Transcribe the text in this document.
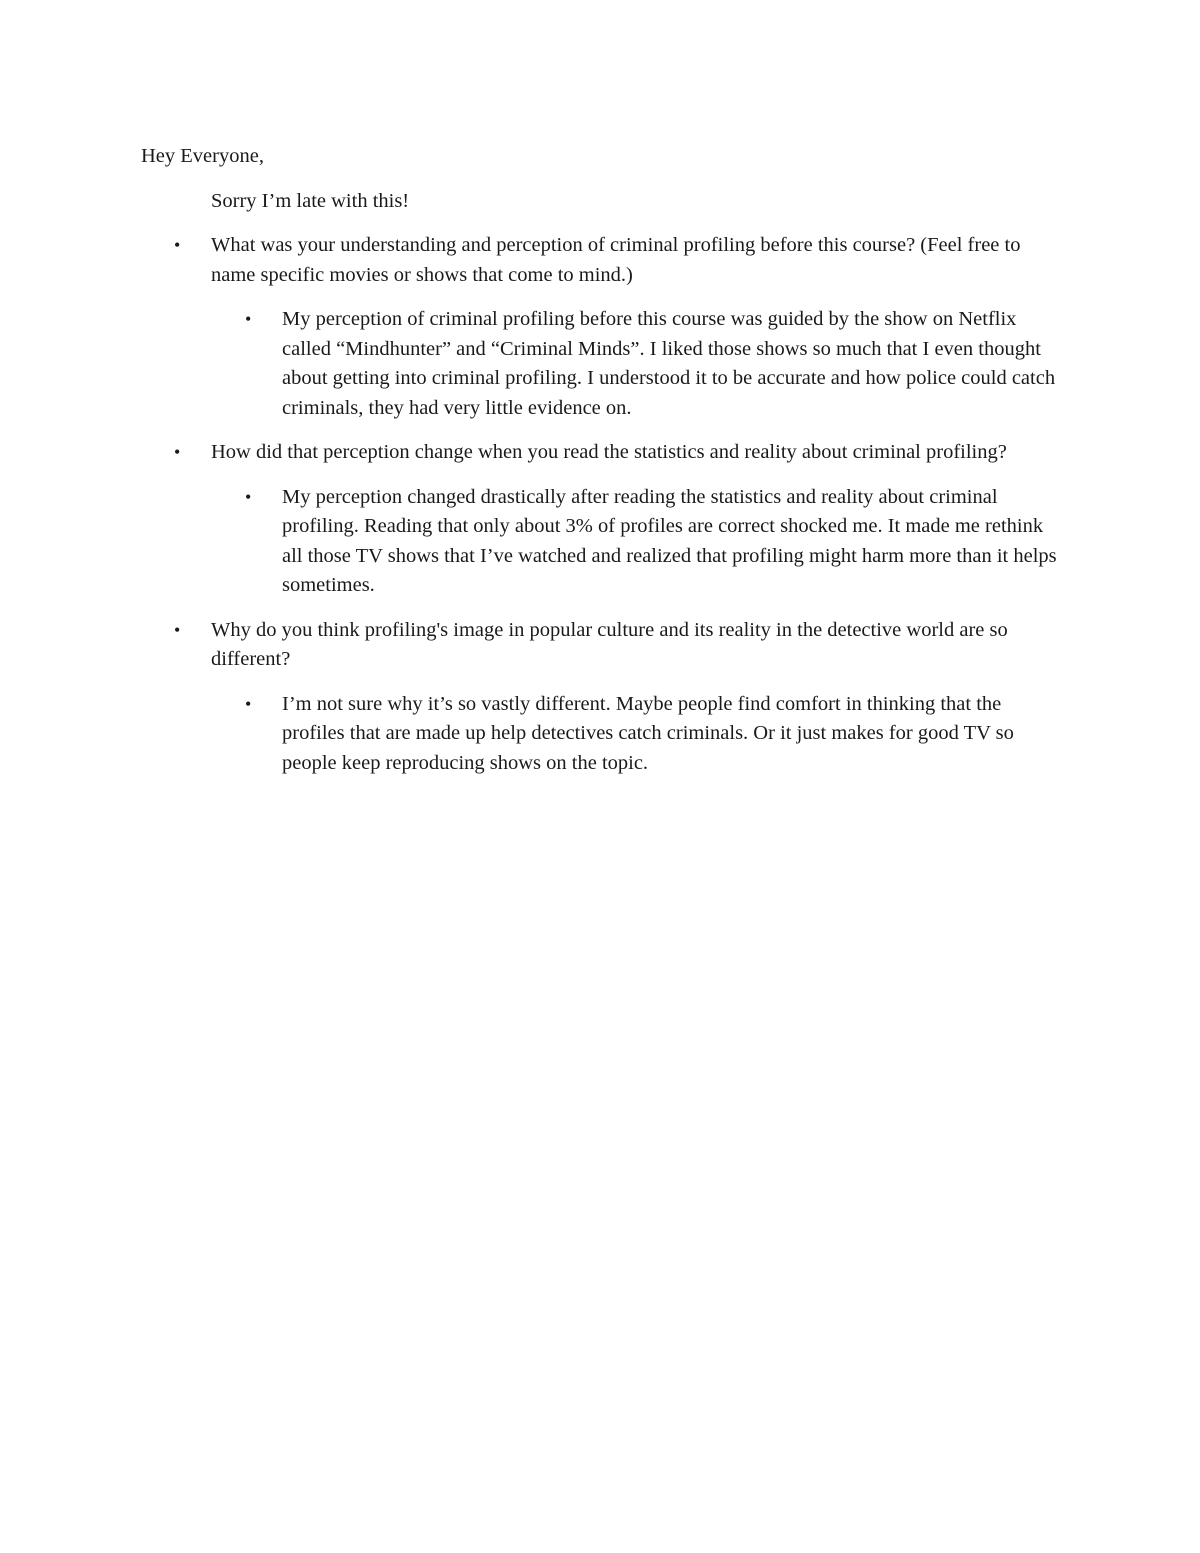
Hey Everyone,

Sorry I’m late with this!

• What was your understanding and perception of criminal profiling before this course? (Feel free to name specific movies or shows that come to mind.)

• My perception of criminal profiling before this course was guided by the show on Netflix called “Mindhunter” and “Criminal Minds”. I liked those shows so much that I even thought about getting into criminal profiling. I understood it to be accurate and how police could catch criminals, they had very little evidence on.

• How did that perception change when you read the statistics and reality about criminal profiling?

• My perception changed drastically after reading the statistics and reality about criminal profiling. Reading that only about 3% of profiles are correct shocked me. It made me rethink all those TV shows that I’ve watched and realized that profiling might harm more than it helps sometimes.

• Why do you think profiling's image in popular culture and its reality in the detective world are so different?

• I’m not sure why it’s so vastly different. Maybe people find comfort in thinking that the profiles that are made up help detectives catch criminals. Or it just makes for good TV so people keep reproducing shows on the topic.
